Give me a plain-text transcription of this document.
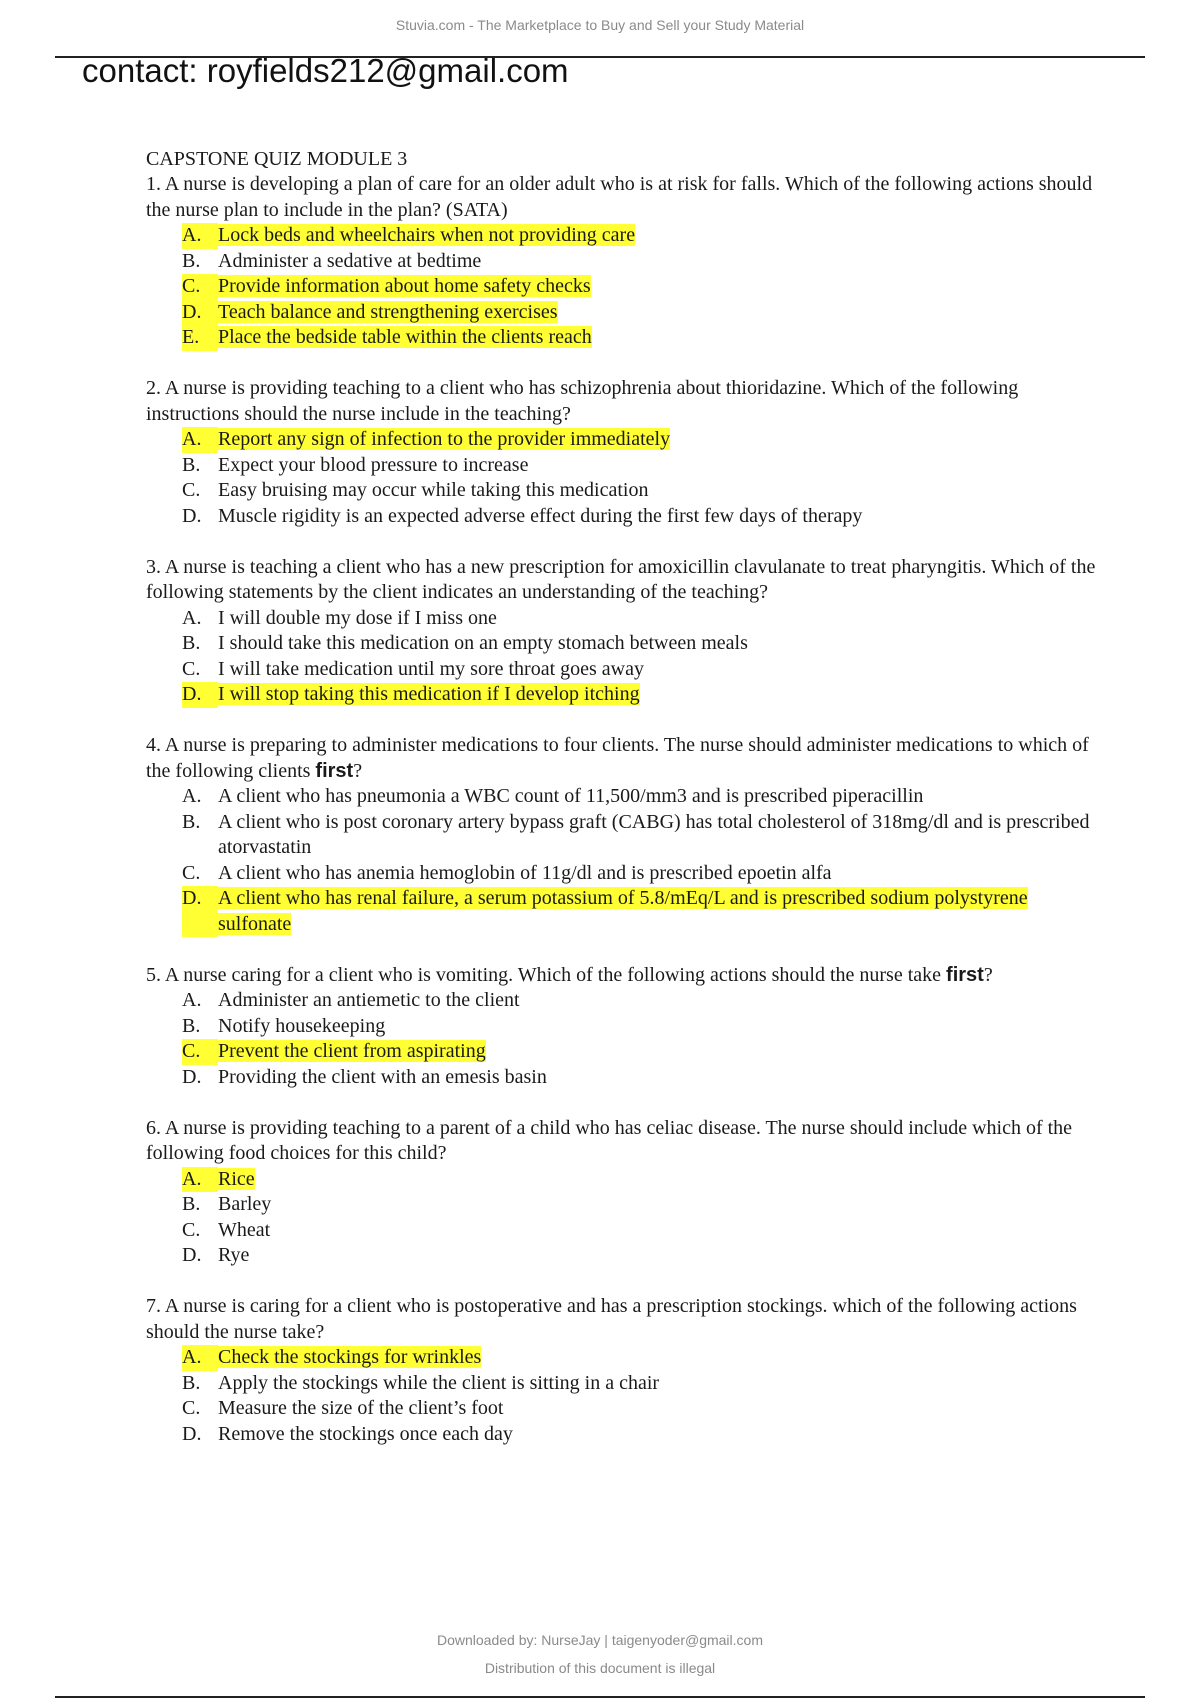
Stuvia.com - The Marketplace to Buy and Sell your Study Material
contact: royfields212@gmail.com
CAPSTONE QUIZ MODULE 3

1. A nurse is developing a plan of care for an older adult who is at risk for falls. Which of the following actions should the nurse plan to include in the plan? (SATA)

A. Lock beds and wheelchairs when not providing care
B. Administer a sedative at bedtime
C. Provide information about home safety checks
D. Teach balance and strengthening exercises
E. Place the bedside table within the clients reach

2. A nurse is providing teaching to a client who has schizophrenia about thioridazine. Which of the following instructions should the nurse include in the teaching?

A. Report any sign of infection to the provider immediately
B. Expect your blood pressure to increase
C. Easy bruising may occur while taking this medication
D. Muscle rigidity is an expected adverse effect during the first few days of therapy

3. A nurse is teaching a client who has a new prescription for amoxicillin clavulanate to treat pharyngitis. Which of the following statements by the client indicates an understanding of the teaching?

A. I will double my dose if I miss one
B. I should take this medication on an empty stomach between meals
C. I will take medication until my sore throat goes away
D. I will stop taking this medication if I develop itching

4. A nurse is preparing to administer medications to four clients. The nurse should administer medications to which of the following clients first?

A. A client who has pneumonia a WBC count of 11,500/mm3 and is prescribed piperacillin
B. A client who is post coronary artery bypass graft (CABG) has total cholesterol of 318mg/dl and is prescribed atorvastatin
C. A client who has anemia hemoglobin of 11g/dl and is prescribed epoetin alfa
D. A client who has renal failure, a serum potassium of 5.8/mEq/L and is prescribed sodium polystyrene sulfonate

5. A nurse caring for a client who is vomiting. Which of the following actions should the nurse take first?

A. Administer an antiemetic to the client
B. Notify housekeeping
C. Prevent the client from aspirating
D. Providing the client with an emesis basin

6. A nurse is providing teaching to a parent of a child who has celiac disease. The nurse should include which of the following food choices for this child?

A. Rice
B. Barley
C. Wheat
D. Rye

7. A nurse is caring for a client who is postoperative and has a prescription stockings. which of the following actions should the nurse take?

A. Check the stockings for wrinkles
B. Apply the stockings while the client is sitting in a chair
C. Measure the size of the client’s foot
D. Remove the stockings once each day
Downloaded by: NurseJay | taigenyoder@gmail.com
Distribution of this document is illegal
